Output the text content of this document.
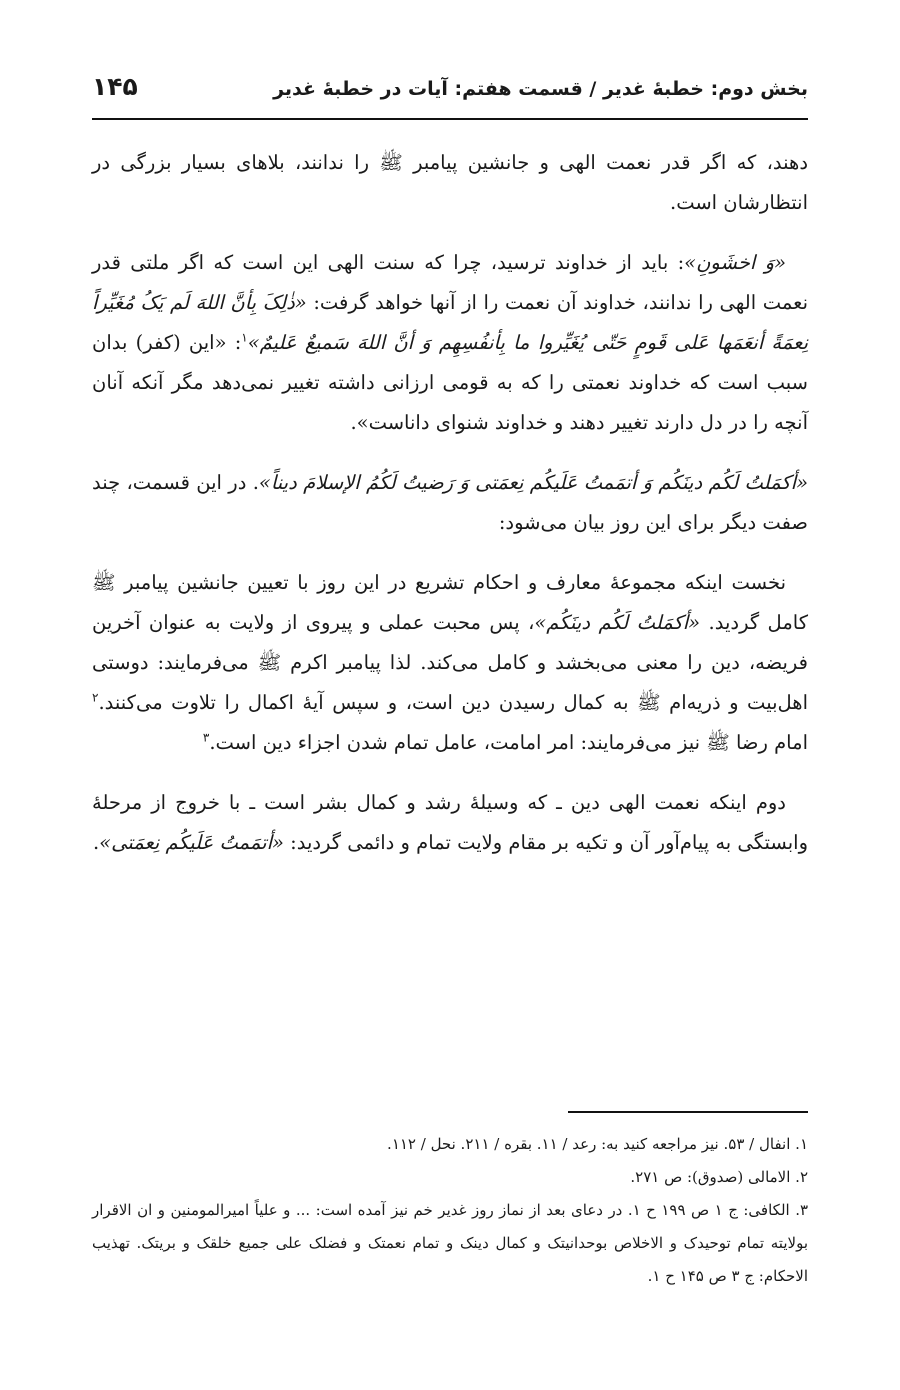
بخش دوم: خطبهٔ غدیر / قسمت هفتم: آیات در خطبهٔ غدیر
۱۴۵

دهند، که اگر قدر نعمت الهی و جانشین پیامبر ﷺ را ندانند، بلاهای بسیار بزرگی در انتظارشان است.

«وَ اخشَونِ»: باید از خداوند ترسید، چرا که سنت الهی این است که اگر ملتی قدر نعمت الهی را ندانند، خداوند آن نعمت را از آنها خواهد گرفت: «ذٰلِکَ بِأنَّ اللهَ لَم یَکُ مُغَیِّراً نِعمَةً أنعَمَها عَلی قَومٍ حَتّی یُغَیِّروا ما بِأنفُسِهِم وَ أنَّ اللهَ سَمیعٌ عَلیمٌ»$^۱$: «این (کفر) بدان سبب است که خداوند نعمتی را که به قومی ارزانی داشته تغییر نمی‌دهد مگر آنکه آنان آنچه را در دل دارند تغییر دهند و خداوند شنوای داناست».

«أکمَلتُ لَکُم دینَکُم وَ أتمَمتُ عَلَیکُم نِعمَتی وَ رَضیتُ لَکُمُ الإسلامَ دیناً». در این قسمت، چند صفت دیگر برای این روز بیان می‌شود:

نخست اینکه مجموعهٔ معارف و احکام تشریع در این روز با تعیین جانشین پیامبر ﷺ کامل گردید. «أکمَلتُ لَکُم دینَکُم»، پس محبت عملی و پیروی از ولایت به عنوان آخرین فریضه، دین را معنی می‌بخشد و کامل می‌کند. لذا پیامبر اکرم ﷺ می‌فرمایند: دوستی اهل‌بیت و ذریه‌ام ﷺ به کمال رسیدن دین است، و سپس آیهٔ اکمال را تلاوت می‌کنند.$^۲$ امام رضا ﷺ نیز می‌فرمایند: امر امامت، عامل تمام شدن اجزاء دین است.$^۳$

دوم اینکه نعمت الهی دین ـ که وسیلهٔ رشد و کمال بشر است ـ با خروج از مرحلهٔ وابستگی به پیام‌آور آن و تکیه بر مقام ولایت تمام و دائمی گردید: «أتمَمتُ عَلَیکُم نِعمَتی».

۱. انفال / ۵۳. نیز مراجعه کنید به: رعد / ۱۱. بقره / ۲۱۱. نحل / ۱۱۲.

۲. الامالی (صدوق): ص ۲۷۱.

۳. الکافی: ج ۱ ص ۱۹۹ ح ۱. در دعای بعد از نماز روز غدیر خم نیز آمده است: ... و علیاً امیرالمومنین و ان الاقرار بولایته تمام توحیدک و الاخلاص بوحدانیتک و کمال دینک و تمام نعمتک و فضلک علی جمیع خلقک و بریتک. تهذیب الاحکام: ج ۳ ص ۱۴۵ ح ۱.
